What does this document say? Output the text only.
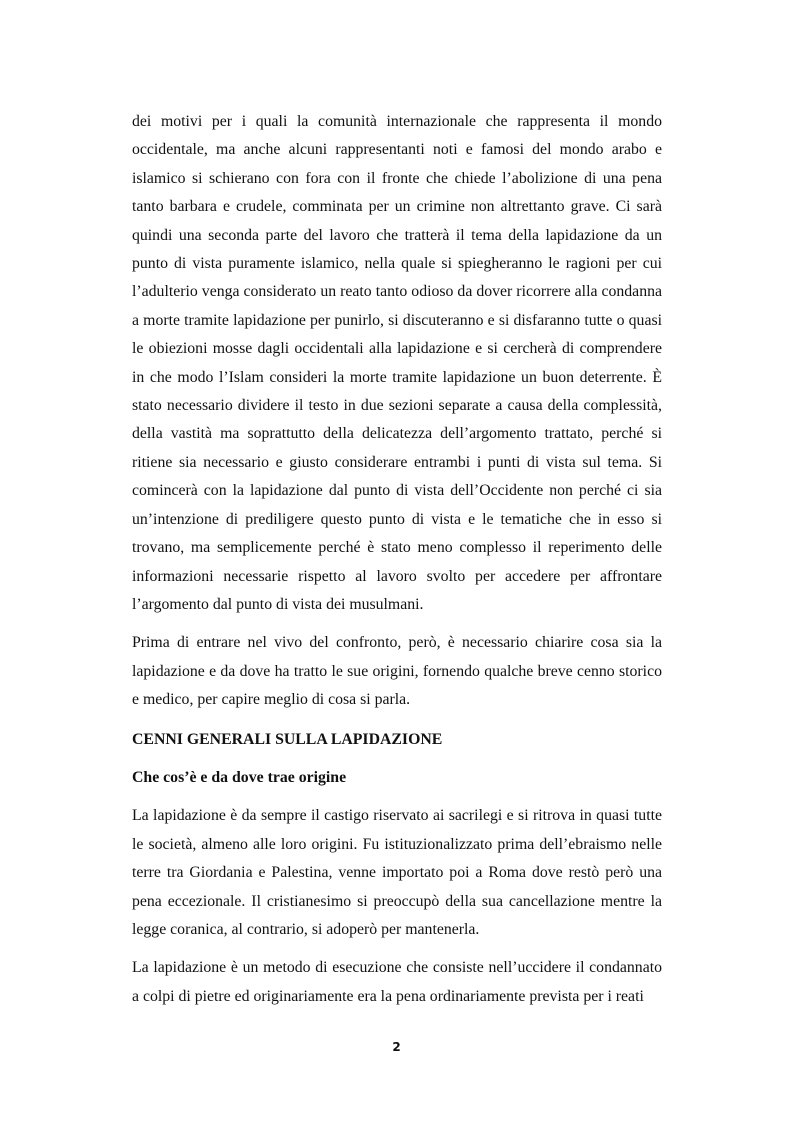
dei motivi per i quali la comunità internazionale che rappresenta il mondo occidentale, ma anche alcuni rappresentanti noti e famosi del mondo arabo e islamico si schierano con fora con il fronte che chiede l’abolizione di una pena tanto barbara e crudele, comminata per un crimine non altrettanto grave. Ci sarà quindi una seconda parte del lavoro che tratterà il tema della lapidazione da un punto di vista puramente islamico, nella quale si spiegheranno le ragioni per cui l’adulterio venga considerato un reato tanto odioso da dover ricorrere alla condanna a morte tramite lapidazione per punirlo, si discuteranno e si disfaranno tutte o quasi le obiezioni mosse dagli occidentali alla lapidazione e si cercherà di comprendere in che modo l’Islam consideri la morte tramite lapidazione un buon deterrente. È stato necessario dividere il testo in due sezioni separate a causa della complessità, della vastità ma soprattutto della delicatezza dell’argomento trattato, perché si ritiene sia necessario e giusto considerare entrambi i punti di vista sul tema. Si comincerà con la lapidazione dal punto di vista dell’Occidente non perché ci sia un’intenzione di prediligere questo punto di vista e le tematiche che in esso si trovano, ma semplicemente perché è stato meno complesso il reperimento delle informazioni necessarie rispetto al lavoro svolto per accedere per affrontare l’argomento dal punto di vista dei musulmani.

Prima di entrare nel vivo del confronto, però, è necessario chiarire cosa sia la lapidazione e da dove ha tratto le sue origini, fornendo qualche breve cenno storico e medico, per capire meglio di cosa si parla.

CENNI GENERALI SULLA LAPIDAZIONE
Che cos’è e da dove trae origine

La lapidazione è da sempre il castigo riservato ai sacrilegi e si ritrova in quasi tutte le società, almeno alle loro origini. Fu istituzionalizzato prima dell’ebraismo nelle terre tra Giordania e Palestina, venne importato poi a Roma dove restò però una pena eccezionale. Il cristianesimo si preoccupò della sua cancellazione mentre la legge coranica, al contrario, si adoperò per mantenerla.

La lapidazione è un metodo di esecuzione che consiste nell’uccidere il condannato a colpi di pietre ed originariamente era la pena ordinariamente prevista per i reati

2
